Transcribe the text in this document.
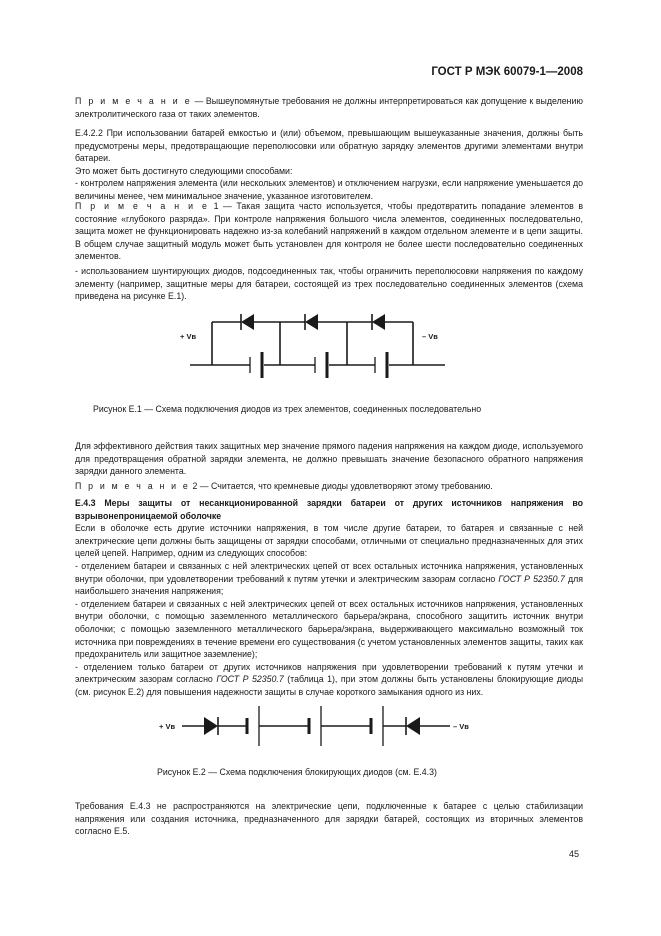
ГОСТ Р МЭК 60079-1—2008

П р и м е ч а н и е — Вышеупомянутые требования не должны интерпретироваться как допущение к выделению электролитического газа от таких элементов.

Е.4.2.2 При использовании батарей емкостью и (или) объемом, превышающим вышеуказанные значения, должны быть предусмотрены меры, предотвращающие переполюсовки или обратную зарядку элементов другими элементами внутри батареи.

Это может быть достигнуто следующими способами:

- контролем напряжения элемента (или нескольких элементов) и отключением нагрузки, если напряжение уменьшается до величины менее, чем минимальное значение, указанное изготовителем.

П р и м е ч а н и е 1 — Такая защита часто используется, чтобы предотвратить попадание элементов в состояние «глубокого разряда». При контроле напряжения большого числа элементов, соединенных последовательно, защита может не функционировать надежно из-за колебаний напряжений в каждом отдельном элементе и в цепи защиты. В общем случае защитный модуль может быть установлен для контроля не более шести последовательно соединенных элементов.

- использованием шунтирующих диодов, подсоединенных так, чтобы ограничить переполюсовки напряжения по каждому элементу (например, защитные меры для батареи, состоящей из трех последовательно соединенных элементов (схема приведена на рисунке Е.1).

+ Vв	– Vв
Рисунок Е.1 — Схема подключения диодов из трех элементов, соединенных последовательно

Для эффективного действия таких защитных мер значение прямого падения напряжения на каждом диоде, используемого для предотвращения обратной зарядки элемента, не должно превышать значение безопасного обратного напряжения зарядки данного элемента.

П р и м е ч а н и е 2 — Считается, что кремневые диоды удовлетворяют этому требованию.

Е.4.3 Меры защиты от несанкционированной зарядки батареи от других источников напряжения во взрывонепроницаемой оболочке

Если в оболочке есть другие источники напряжения, в том числе другие батареи, то батарея и связанные с ней электрические цепи должны быть защищены от зарядки способами, отличными от специально предназначенных для этих целей цепей. Например, одним из следующих способов:

- отделением батареи и связанных с ней электрических цепей от всех остальных источника напряжения, установленных внутри оболочки, при удовлетворении требований к путям утечки и электрическим зазорам согласно ГОСТ Р 52350.7 для наибольшего значения напряжения;

- отделением батареи и связанных с ней электрических цепей от всех остальных источников напряжения, установленных внутри оболочки, с помощью заземленного металлического барьера/экрана, способного защитить источник внутри оболочки; с помощью заземленного металлического барьера/экрана, выдерживающего максимально возможный ток источника при повреждениях в течение времени его существования (с учетом установленных элементов защиты, таких как предохранитель или защитное заземление);

- отделением только батареи от других источников напряжения при удовлетворении требований к путям утечки и электрическим зазорам согласно ГОСТ Р 52350.7 (таблица 1), при этом должны быть установлены блокирующие диоды (см. рисунок Е.2) для повышения надежности защиты в случае короткого замыкания одного из них.

+ Vв	– Vв
Рисунок Е.2 — Схема подключения блокирующих диодов (см. Е.4.3)

Требования Е.4.3 не распространяются на электрические цепи, подключенные к батарее с целью стабилизации напряжения или создания источника, предназначенного для зарядки батарей, состоящих из вторичных элементов согласно Е.5.

45
